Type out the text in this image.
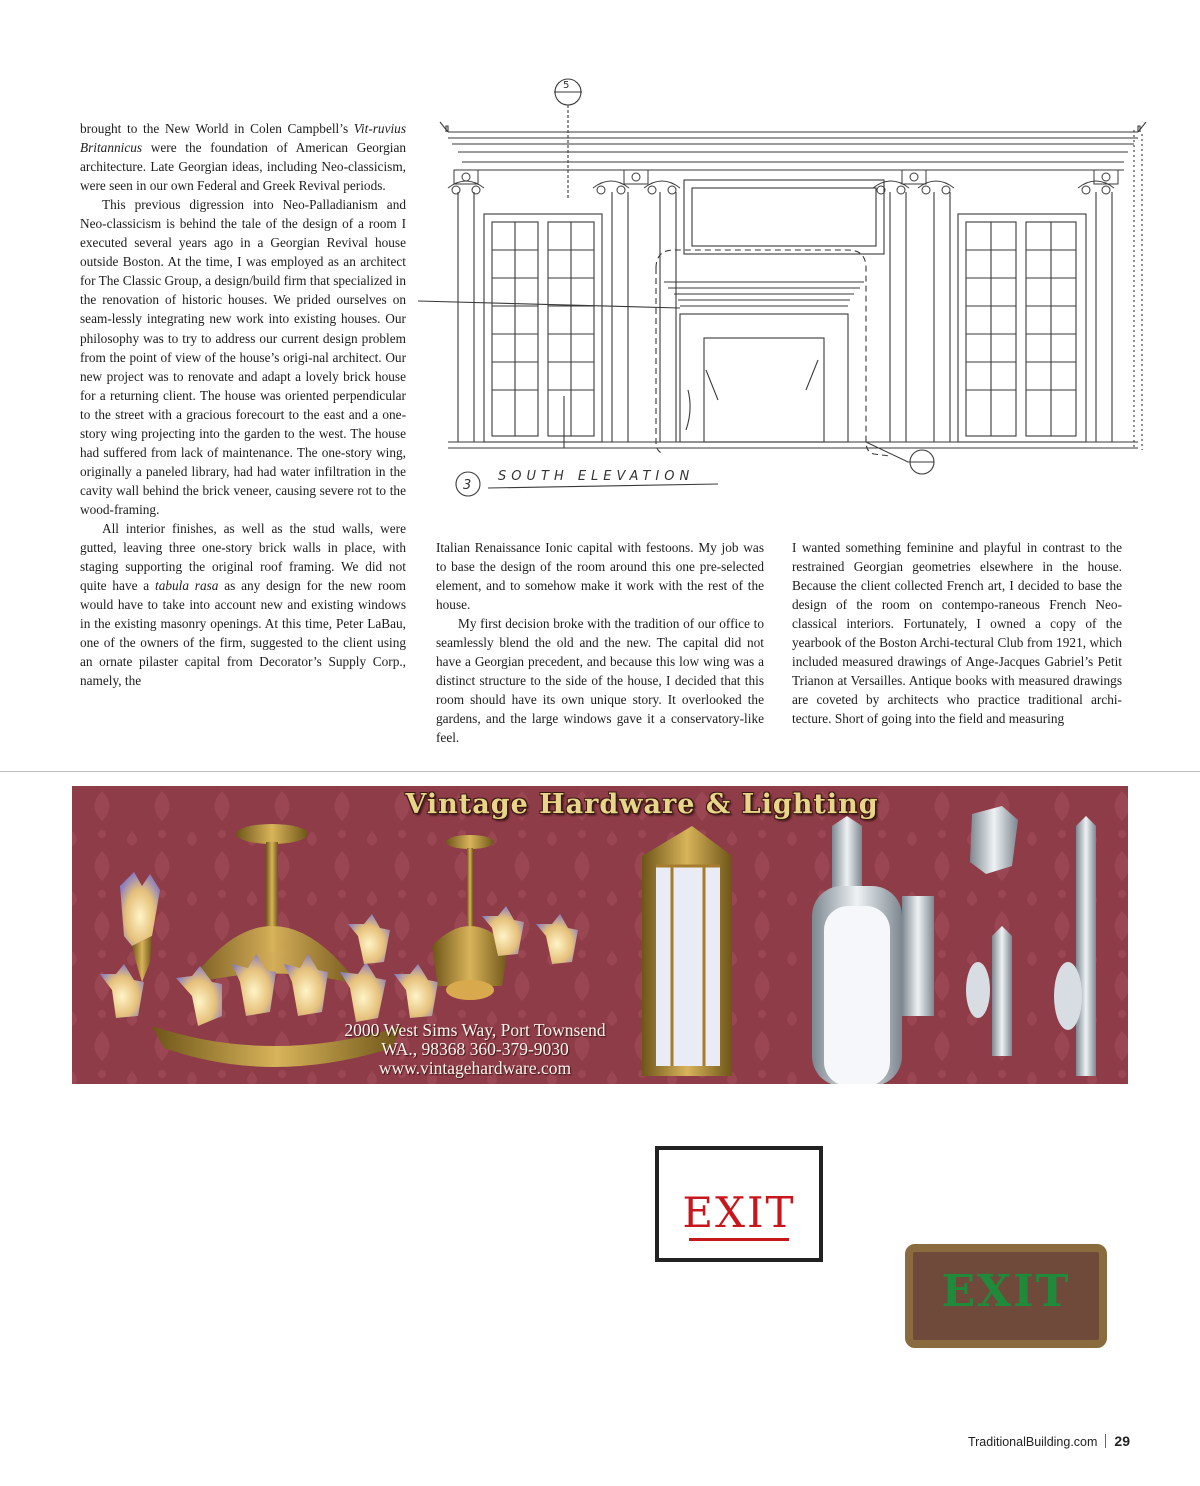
brought to the New World in Colen Campbell’s Vit-ruvius Britannicus were the foundation of American Georgian architecture. Late Georgian ideas, including Neo-classicism, were seen in our own Federal and Greek Revival periods.

This previous digression into Neo-Palladianism and Neo-classicism is behind the tale of the design of a room I executed several years ago in a Georgian Revival house outside Boston. At the time, I was employed as an architect for The Classic Group, a design/build firm that specialized in the renovation of historic houses. We prided ourselves on seam-lessly integrating new work into existing houses. Our philosophy was to try to address our current design problem from the point of view of the house’s origi-nal architect. Our new project was to renovate and adapt a lovely brick house for a returning client. The house was oriented perpendicular to the street with a gracious forecourt to the east and a one-story wing projecting into the garden to the west. The house had suffered from lack of maintenance. The one-story wing, originally a paneled library, had had water infiltration in the cavity wall behind the brick veneer, causing severe rot to the wood-framing.

All interior finishes, as well as the stud walls, were gutted, leaving three one-story brick walls in place, with staging supporting the original roof framing. We did not quite have a tabula rasa as any design for the new room would have to take into account new and existing windows in the existing masonry openings. At this time, Peter LaBau, one of the owners of the firm, suggested to the client using an ornate pilaster capital from Decorator’s Supply Corp., namely, the

5
3
SOUTH ELEVATION

Italian Renaissance Ionic capital with festoons. My job was to base the design of the room around this one pre-selected element, and to somehow make it work with the rest of the house.

My first decision broke with the tradition of our office to seamlessly blend the old and the new. The capital did not have a Georgian precedent, and because this low wing was a distinct structure to the side of the house, I decided that this room should have its own unique story. It overlooked the gardens, and the large windows gave it a conservatory-like feel.

I wanted something feminine and playful in contrast to the restrained Georgian geometries elsewhere in the house. Because the client collected French art, I decided to base the design of the room on contempo-raneous French Neo-classical interiors. Fortunately, I owned a copy of the yearbook of the Boston Archi-tectural Club from 1921, which included measured drawings of Ange-Jacques Gabriel’s Petit Trianon at Versailles. Antique books with measured drawings are coveted by architects who practice traditional archi-tecture. Short of going into the field and measuring

Vintage Hardware & Lighting
2000 West Sims Way, Port Townsend
WA., 98368 360-379-9030
www.vintagehardware.com
EXIT
EXIT
TraditionalBuilding.com 29
